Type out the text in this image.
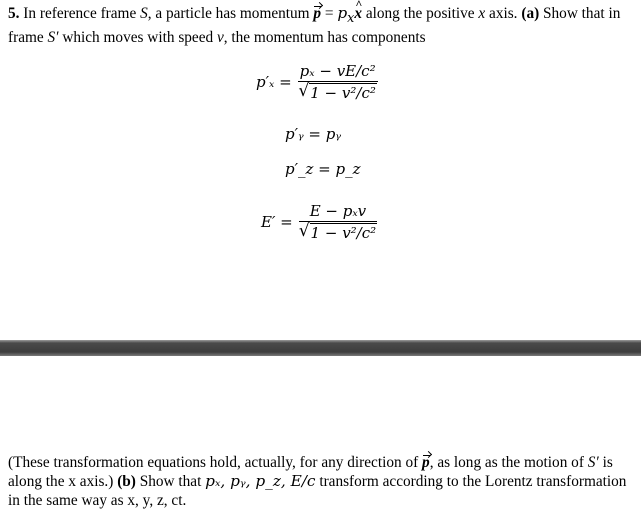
5. In reference frame S, a particle has momentum $p = p_x\^{}$ x along the positive x axis. (a) Show that in frame S′ which moves with speed v, the momentum has components
$p'_x = \frac{\text{pₓ − vE/c²}}{\text{√ 1 − v²/c²}}$
p′ᵧ = pᵧ
p′_z = p_z
$E' = \frac{\text{E − pₓv}}{\text{√ 1 − v²/c²}}$
(These transformation equations hold, actually, for any direction of p, as long as the motion of S′ is along the x axis.) (b) Show that pₓ, pᵧ, p_z, E/c transform according to the Lorentz transformation in the same way as x, y, z, ct.
